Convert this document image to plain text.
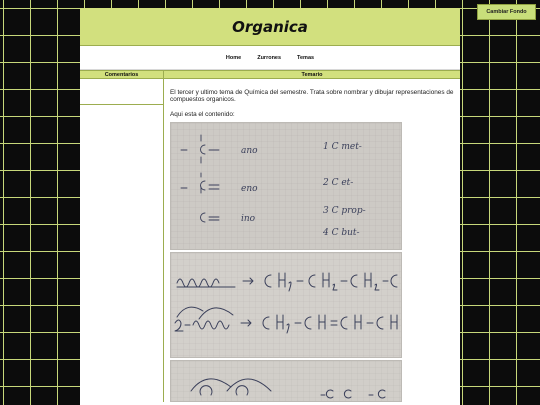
Cambiar Fondo
Organica
Home	Zurrones	Temas
Comentarios	Temario

El tercer y ultimo tema de Química del semestre. Trata sobre nombrar y dibujar representaciones de compuestos organicos.

Aqui esta el contenido:

ano
eno
ino
1 C met-
2 C et-
3 C prop-
4 C but-
